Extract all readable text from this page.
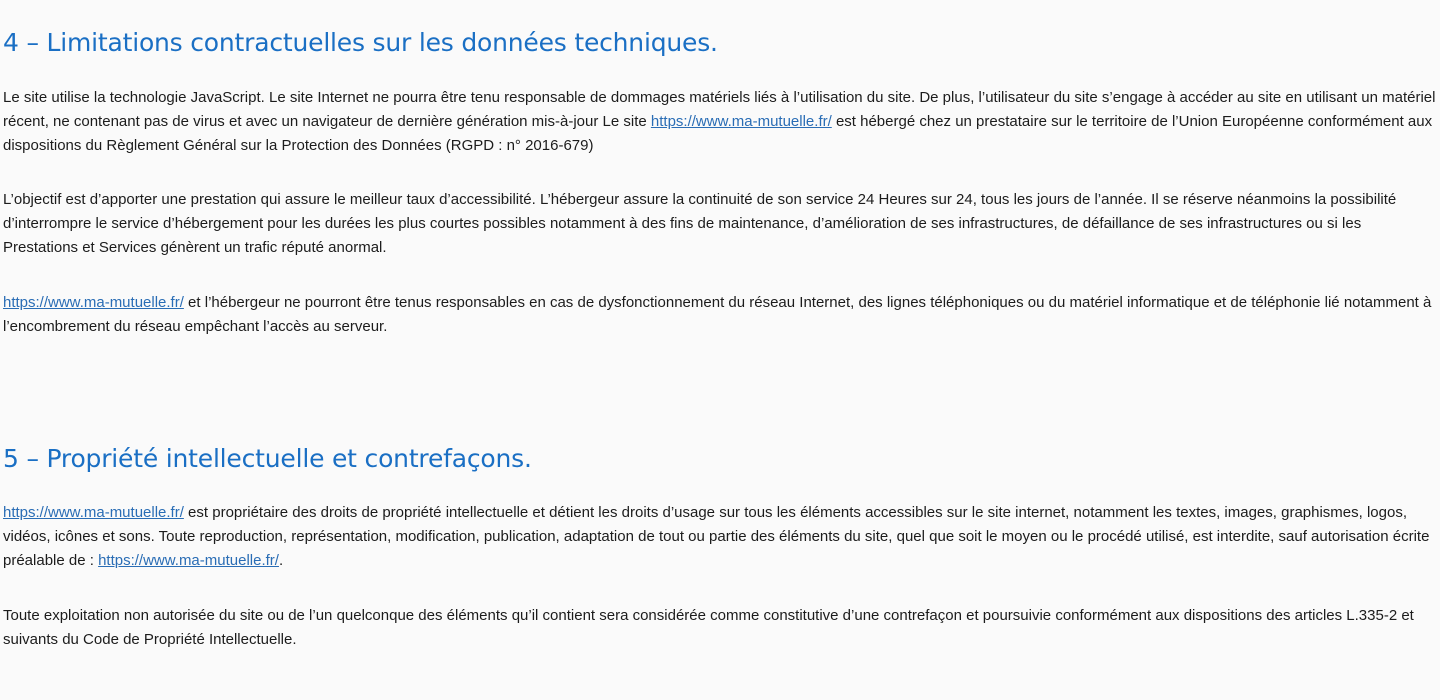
4 – Limitations contractuelles sur les données techniques.

Le site utilise la technologie JavaScript. Le site Internet ne pourra être tenu responsable de dommages matériels liés à l’utilisation du site. De plus, l’utilisateur du site s’engage à accéder au site en utilisant un matériel récent, ne contenant pas de virus et avec un navigateur de dernière génération mis-à-jour Le site https://www.ma-mutuelle.fr/ est hébergé chez un prestataire sur le territoire de l’Union Européenne conformément aux dispositions du Règlement Général sur la Protection des Données (RGPD : n° 2016-679)

L’objectif est d’apporter une prestation qui assure le meilleur taux d’accessibilité. L’hébergeur assure la continuité de son service 24 Heures sur 24, tous les jours de l’année. Il se réserve néanmoins la possibilité d’interrompre le service d’hébergement pour les durées les plus courtes possibles notamment à des fins de maintenance, d’amélioration de ses infrastructures, de défaillance de ses infrastructures ou si les Prestations et Services génèrent un trafic réputé anormal.

https://www.ma-mutuelle.fr/ et l’hébergeur ne pourront être tenus responsables en cas de dysfonctionnement du réseau Internet, des lignes téléphoniques ou du matériel informatique et de téléphonie lié notamment à l’encombrement du réseau empêchant l’accès au serveur.

5 – Propriété intellectuelle et contrefaçons.

https://www.ma-mutuelle.fr/ est propriétaire des droits de propriété intellectuelle et détient les droits d’usage sur tous les éléments accessibles sur le site internet, notamment les textes, images, graphismes, logos, vidéos, icônes et sons. Toute reproduction, représentation, modification, publication, adaptation de tout ou partie des éléments du site, quel que soit le moyen ou le procédé utilisé, est interdite, sauf autorisation écrite préalable de : https://www.ma-mutuelle.fr/.

Toute exploitation non autorisée du site ou de l’un quelconque des éléments qu’il contient sera considérée comme constitutive d’une contrefaçon et poursuivie conformément aux dispositions des articles L.335-2 et suivants du Code de Propriété Intellectuelle.
